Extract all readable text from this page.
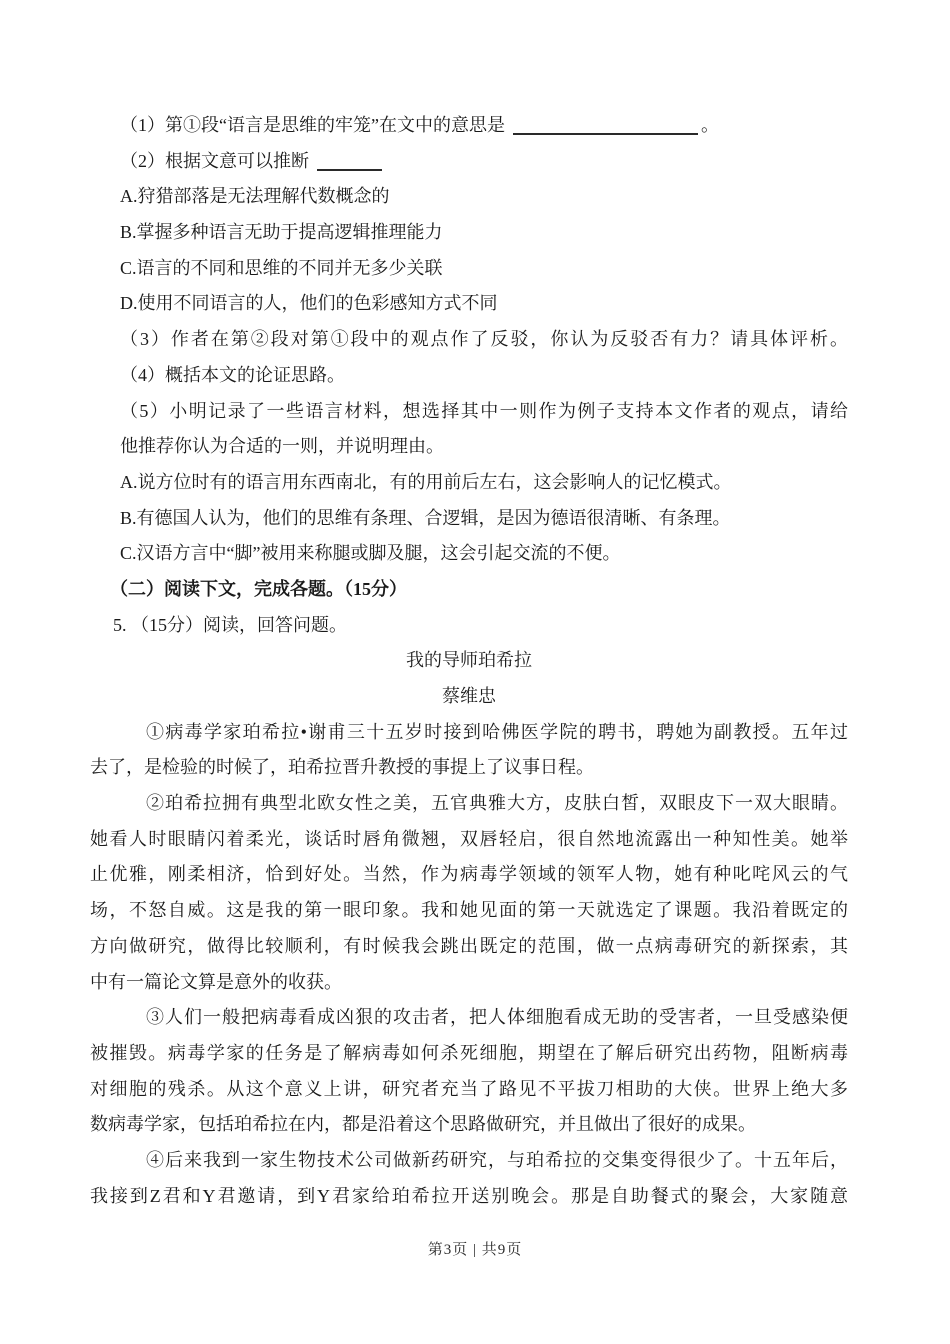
（1）第①段“语言是思维的牢笼”在文中的意思是	。
（2）根据文意可以推断
A.狩猎部落是无法理解代数概念的
B.掌握多种语言无助于提高逻辑推理能力
C.语言的不同和思维的不同并无多少关联
D.使用不同语言的人，他们的色彩感知方式不同
（3）作者在第②段对第①段中的观点作了反驳，你认为反驳否有力？请具体评析。
（4）概括本文的论证思路。
（5）小明记录了一些语言材料，想选择其中一则作为例子支持本文作者的观点，请给
他推荐你认为合适的一则，并说明理由。
A.说方位时有的语言用东西南北，有的用前后左右，这会影响人的记忆模式。
B.有德国人认为，他们的思维有条理、合逻辑，是因为德语很清晰、有条理。
C.汉语方言中“脚”被用来称腿或脚及腿，这会引起交流的不便。
（二）阅读下文，完成各题。（15分）
5. （15分）阅读，回答问题。
我的导师珀希拉
蔡维忠
①病毒学家珀希拉•谢甫三十五岁时接到哈佛医学院的聘书，聘她为副教授。五年过
去了，是检验的时候了，珀希拉晋升教授的事提上了议事日程。
②珀希拉拥有典型北欧女性之美，五官典雅大方，皮肤白皙，双眼皮下一双大眼睛。
她看人时眼睛闪着柔光，谈话时唇角微翘，双唇轻启，很自然地流露出一种知性美。她举
止优雅，刚柔相济，恰到好处。当然，作为病毒学领域的领军人物，她有种叱咤风云的气
场，不怒自威。这是我的第一眼印象。我和她见面的第一天就选定了课题。我沿着既定的
方向做研究，做得比较顺利，有时候我会跳出既定的范围，做一点病毒研究的新探索，其
中有一篇论文算是意外的收获。
③人们一般把病毒看成凶狠的攻击者，把人体细胞看成无助的受害者，一旦受感染便
被摧毁。病毒学家的任务是了解病毒如何杀死细胞，期望在了解后研究出药物，阻断病毒
对细胞的残杀。从这个意义上讲，研究者充当了路见不平拔刀相助的大侠。世界上绝大多
数病毒学家，包括珀希拉在内，都是沿着这个思路做研究，并且做出了很好的成果。
④后来我到一家生物技术公司做新药研究，与珀希拉的交集变得很少了。十五年后，
我接到Z君和Y君邀请，到Y君家给珀希拉开送别晚会。那是自助餐式的聚会，大家随意
第3页 | 共9页
